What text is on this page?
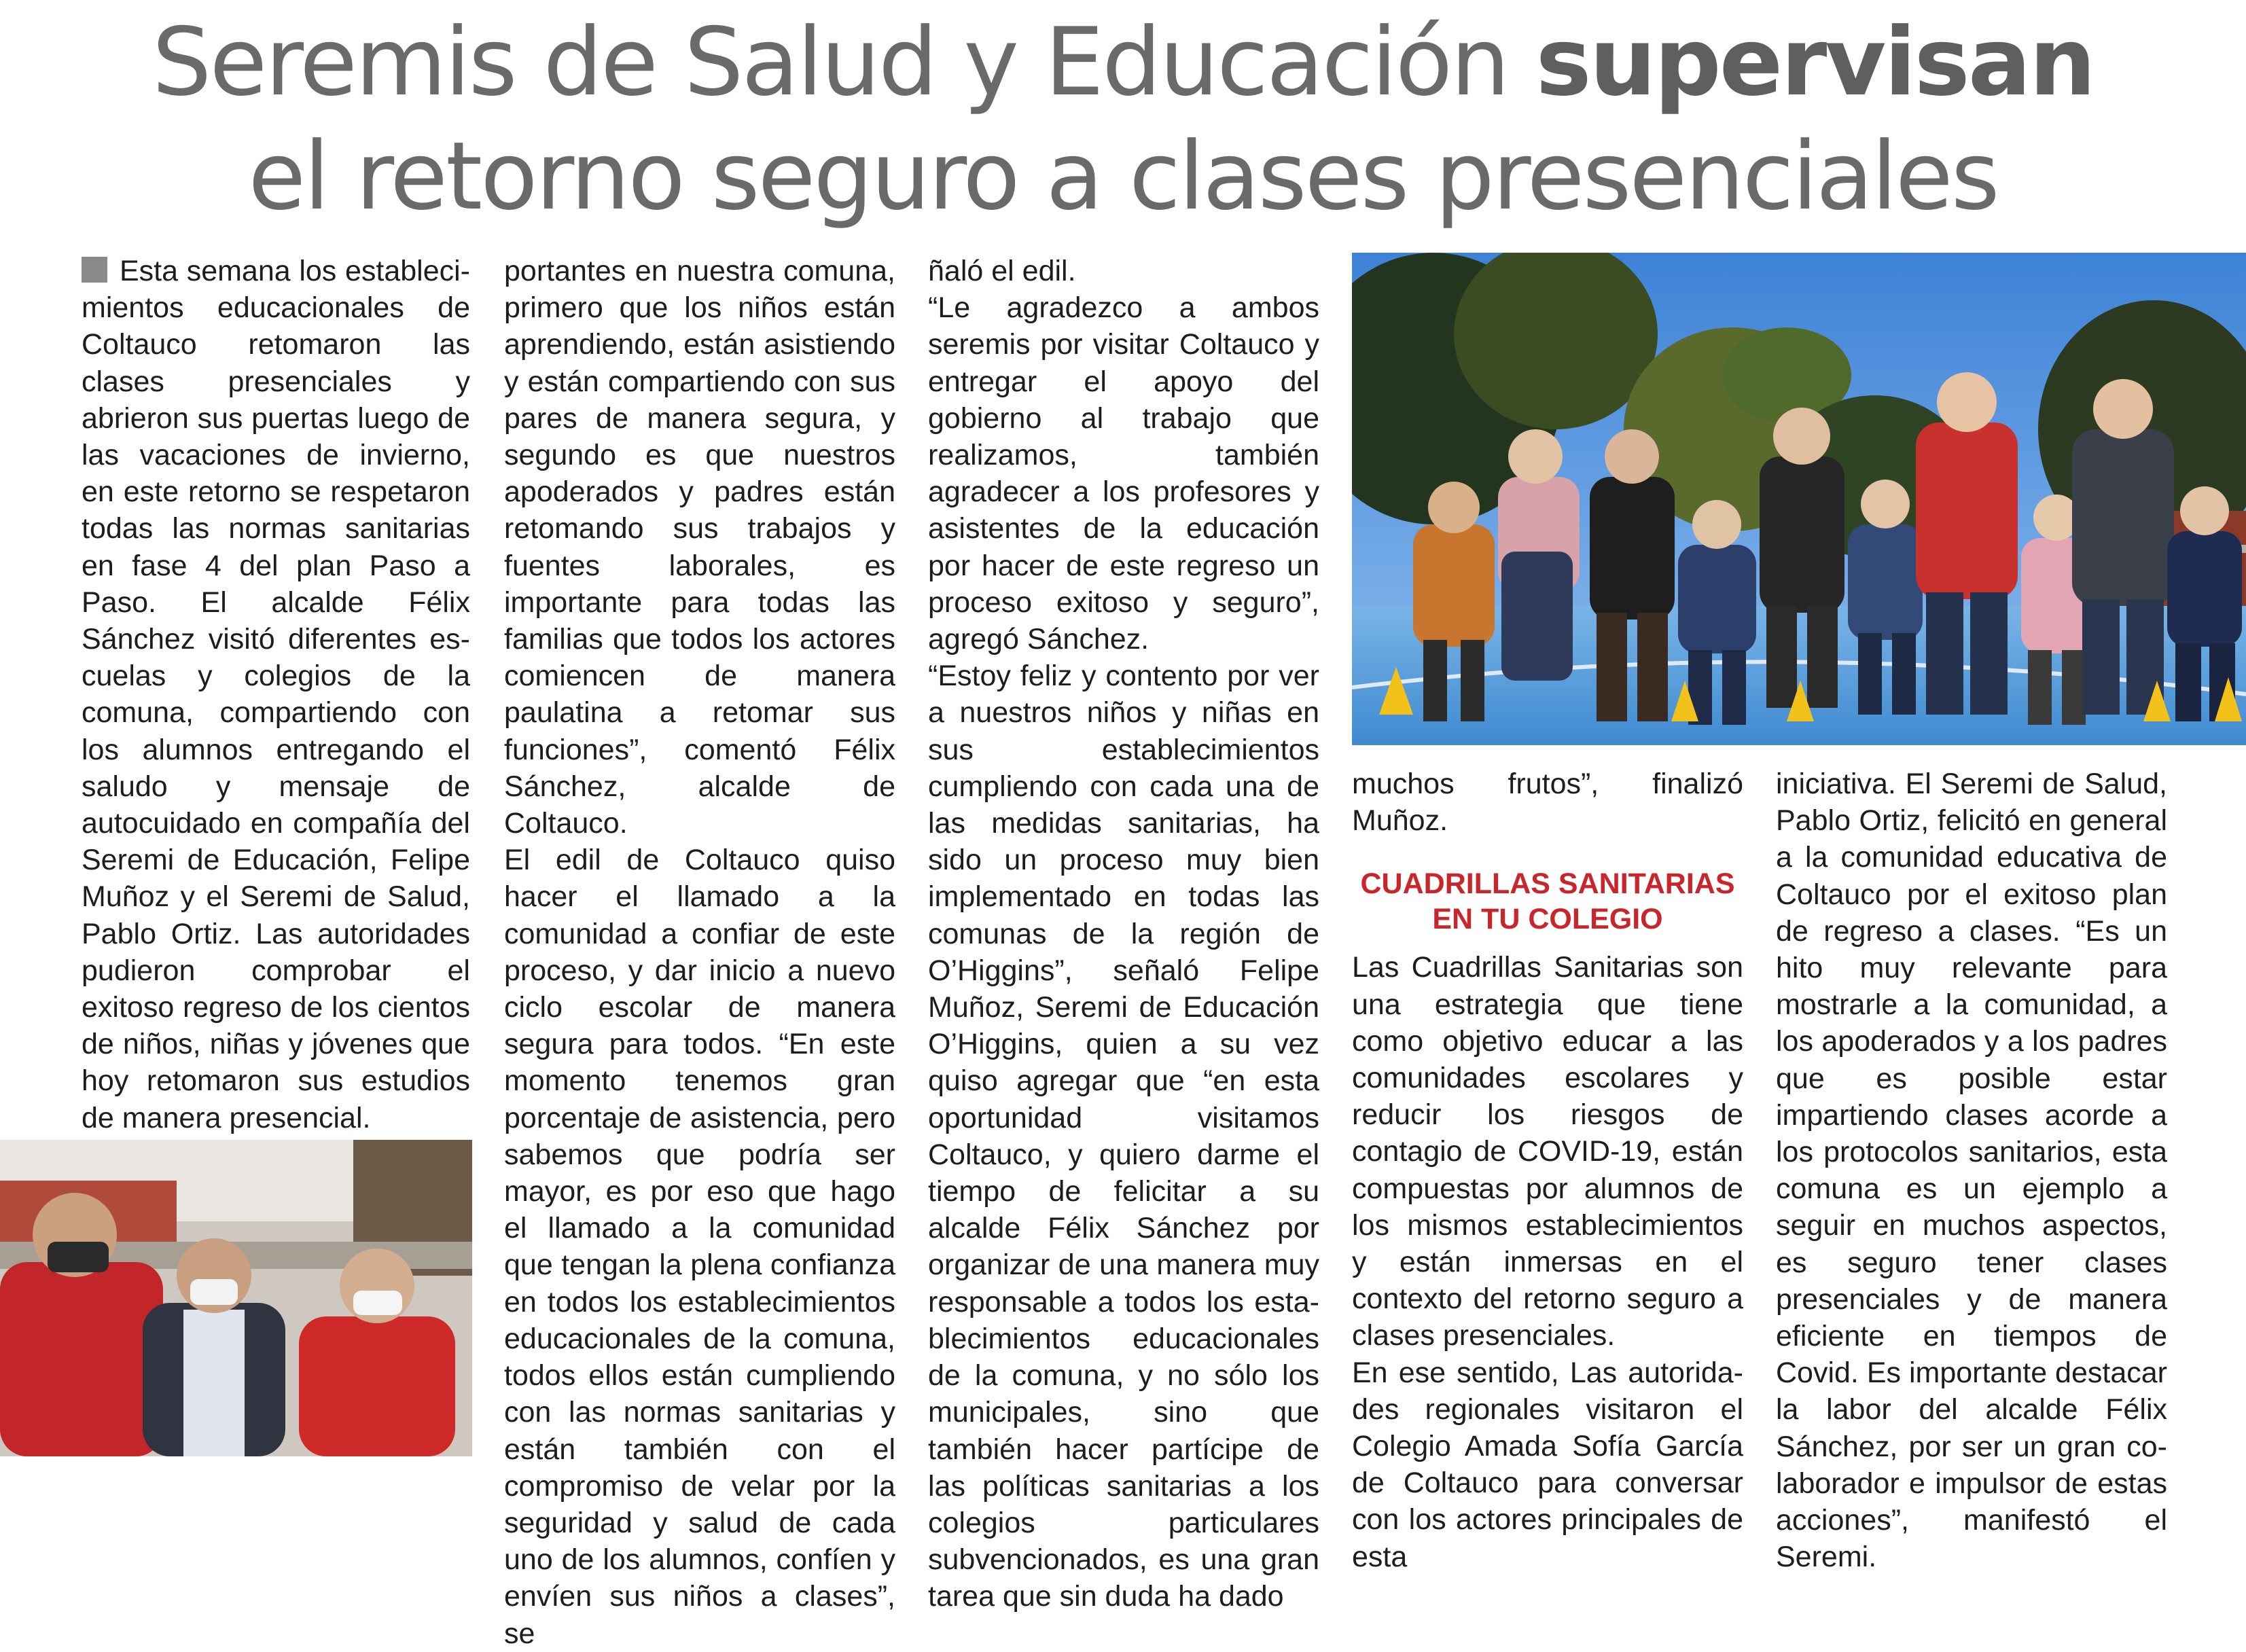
Seremis de Salud y Educación supervisan
el retorno seguro a clases presenciales

Esta semana los establecimientos educacionales de Coltauco retomaron las clases presenciales y abrieron sus puertas luego de las vacaciones de invierno, en este retorno se respetaron todas las normas sanitarias en fase 4 del plan Paso a Paso. El alcalde Félix Sánchez visitó diferentes escuelas y colegios de la comuna, compartiendo con los alumnos entregando el saludo y mensaje de autocuidado en compañía del Seremi de Educación, Felipe Muñoz y el Seremi de Salud, Pablo Ortiz. Las autoridades pudieron comprobar el exitoso regreso de los cientos de niños, niñas y jóvenes que hoy retomaron sus estudios de manera presencial.

portantes en nuestra comuna, primero que los niños están aprendiendo, están asistiendo y están compartiendo con sus pares de manera segura, y segundo es que nuestros apoderados y padres están retomando sus trabajos y fuentes laborales, es importante para todas las familias que todos los actores comiencen de manera paulatina a retomar sus funciones”, comentó Félix Sánchez, alcalde de Coltauco.

El edil de Coltauco quiso hacer el llamado a la comunidad a confiar de este proceso, y dar inicio a nuevo ciclo escolar de manera segura para todos. “En este momento tenemos gran porcentaje de asistencia, pero sabemos que podría ser mayor, es por eso que hago el llamado a la comunidad que tengan la plena confianza en todos los establecimientos educacionales de la comuna, todos ellos están cumpliendo con las normas sanitarias y están también con el compromiso de velar por la seguridad y salud de cada uno de los alumnos, confíen y envíen sus niños a clases”, se

ñaló el edil.

“Le agradezco a ambos seremis por visitar Coltauco y entregar el apoyo del gobierno al trabajo que realizamos, también agradecer a los profesores y asistentes de la educación por hacer de este regreso un proceso exitoso y seguro”, agregó Sánchez.

“Estoy feliz y contento por ver a nuestros niños y niñas en sus establecimientos cumpliendo con cada una de las medidas sanitarias, ha sido un proceso muy bien implementado en todas las comunas de la región de O’Higgins”, señaló Felipe Muñoz, Seremi de Educación O’Higgins, quien a su vez quiso agregar que “en esta oportunidad visitamos Coltauco, y quiero darme el tiempo de felicitar a su alcalde Félix Sánchez por organizar de una manera muy responsable a todos los establecimientos educacionales de la comuna, y no sólo los municipales, sino que también hacer partícipe de las políticas sanitarias a los colegios particulares subvencionados, es una gran tarea que sin duda ha dado

muchos frutos”, finalizó Muñoz.

CUADRILLAS SANITARIAS EN TU COLEGIO

Las Cuadrillas Sanitarias son una estrategia que tiene como objetivo educar a las comunidades escolares y reducir los riesgos de contagio de COVID-19, están compuestas por alumnos de los mismos establecimientos y están inmersas en el contexto del retorno seguro a clases presenciales.

En ese sentido, Las autoridades regionales visitaron el Colegio Amada Sofía García de Coltauco para conversar con los actores principales de esta

iniciativa. El Seremi de Salud, Pablo Ortiz, felicitó en general a la comunidad educativa de Coltauco por el exitoso plan de regreso a clases. “Es un hito muy relevante para mostrarle a la comunidad, a los apoderados y a los padres que es posible estar impartiendo clases acorde a los protocolos sanitarios, esta comuna es un ejemplo a seguir en muchos aspectos, es seguro tener clases presenciales y de manera eficiente en tiempos de Covid. Es importante destacar la labor del alcalde Félix Sánchez, por ser un gran colaborador e impulsor de estas acciones”, manifestó el Seremi.
